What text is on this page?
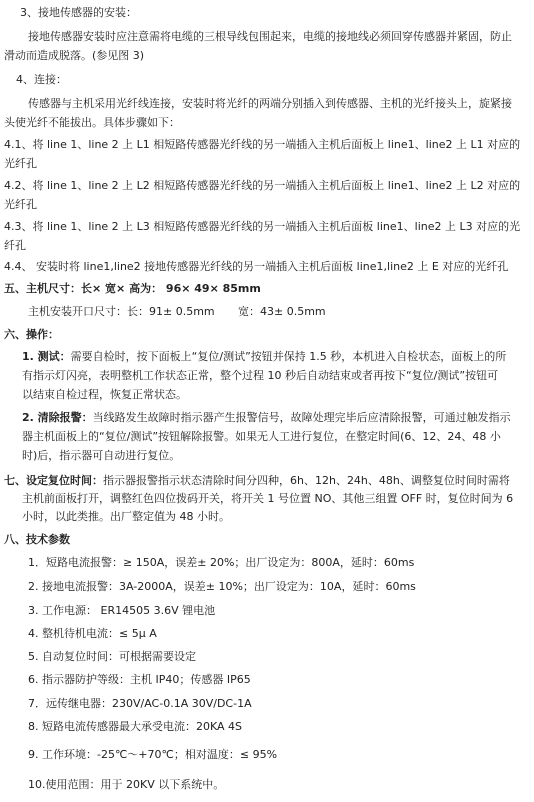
3、接地传感器的安装：
接地传感器安装时应注意需将电缆的三根导线包围起来，电缆的接地线必须回穿传感器并紧固，防止
滑动而造成脱落。(参见图 3)
4、连接：
传感器与主机采用光纤线连接，安装时将光纤的两端分别插入到传感器、主机的光纤接头上，旋紧接
头使光纤不能拔出。具体步骤如下：
4.1、将 line 1、line 2 上 L1 相短路传感器光纤线的另一端插入主机后面板上 line1、line2 上 L1 对应的
光纤孔
4.2、将 line 1、line 2 上 L2 相短路传感器光纤线的另一端插入主机后面板上 line1、line2 上 L2 对应的
光纤孔
4.3、将 line 1、line 2 上 L3 相短路传感器光纤线的另一端插入主机后面板 line1、line2 上 L3 对应的光
纤孔
4.4、 安装时将 line1,line2 接地传感器光纤线的另一端插入主机后面板 line1,line2 上 E 对应的光纤孔
五、主机尺寸：长× 宽× 高为： 96× 49× 85mm
主机安装开口尺寸：长：91± 0.5mm 宽：43± 0.5mm
六、操作：
1. 测试：需要自检时，按下面板上“复位/测试”按钮并保持 1.5 秒，本机进入自检状态，面板上的所
有指示灯闪亮，表明整机工作状态正常，整个过程 10 秒后自动结束或者再按下“复位/测试”按钮可
以结束自检过程，恢复正常状态。
2. 清除报警：当线路发生故障时指示器产生报警信号，故障处理完毕后应清除报警，可通过触发指示
器主机面板上的“复位/测试”按钮解除报警。如果无人工进行复位，在整定时间(6、12、24、48 小
时)后，指示器可自动进行复位。
七、设定复位时间：指示器报警指示状态清除时间分四种，6h、12h、24h、48h、调整复位时间时需将
主机前面板打开，调整红色四位拨码开关，将开关 1 号位置 NO、其他三组置 OFF 时，复位时间为 6
小时，以此类推。出厂整定值为 48 小时。
八、技术参数
1．短路电流报警：≥ 150A，误差± 20%；出厂设定为：800A，延时：60ms
2. 接地电流报警：3A-2000A，误差± 10%；出厂设定为：10A，延时：60ms
3. 工作电源： ER14505 3.6V 锂电池
4. 整机待机电流：≤ 5μ A
5. 自动复位时间：可根据需要设定
6. 指示器防护等级：主机 IP40；传感器 IP65
7．远传继电器：230V/AC-0.1A 30V/DC-1A
8. 短路电流传感器最大承受电流：20KA 4S
9. 工作环境：-25℃～+70℃；相对温度：≤ 95%
10.使用范围：用于 20KV 以下系统中。
